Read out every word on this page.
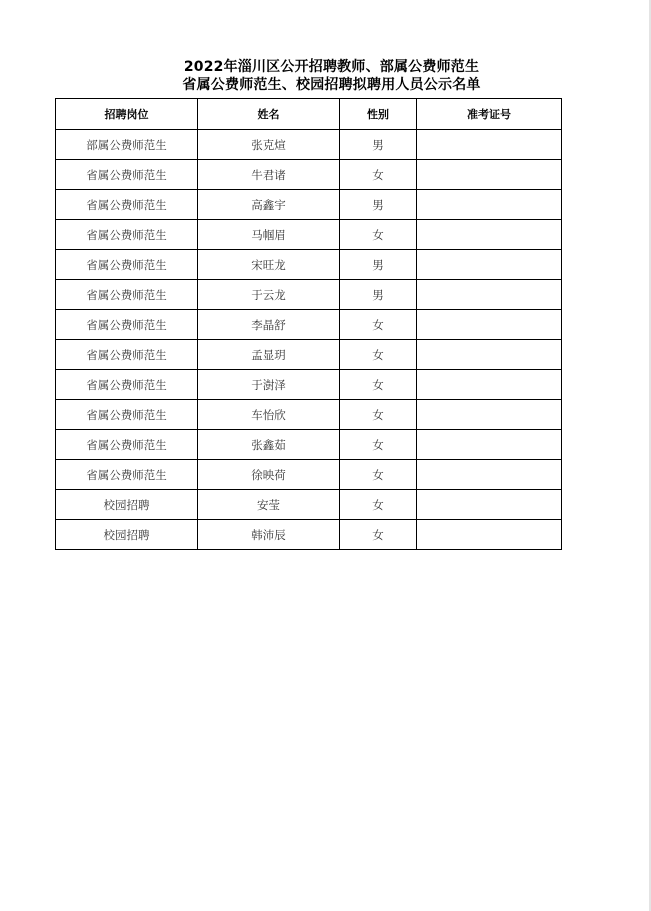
2022年淄川区公开招聘教师、部属公费师范生
省属公费师范生、校园招聘拟聘用人员公示名单
招聘岗位	姓名	性别	准考证号
部属公费师范生	张克煊	男	
省属公费师范生	牛君诸	女	
省属公费师范生	高鑫宇	男	
省属公费师范生	马帼眉	女	
省属公费师范生	宋旺龙	男	
省属公费师范生	于云龙	男	
省属公费师范生	李晶舒	女	
省属公费师范生	孟显玥	女	
省属公费师范生	于澍泽	女	
省属公费师范生	车怡欣	女	
省属公费师范生	张鑫茹	女	
省属公费师范生	徐映荷	女	
校园招聘	安莹	女	
校园招聘	韩沛辰	女	
